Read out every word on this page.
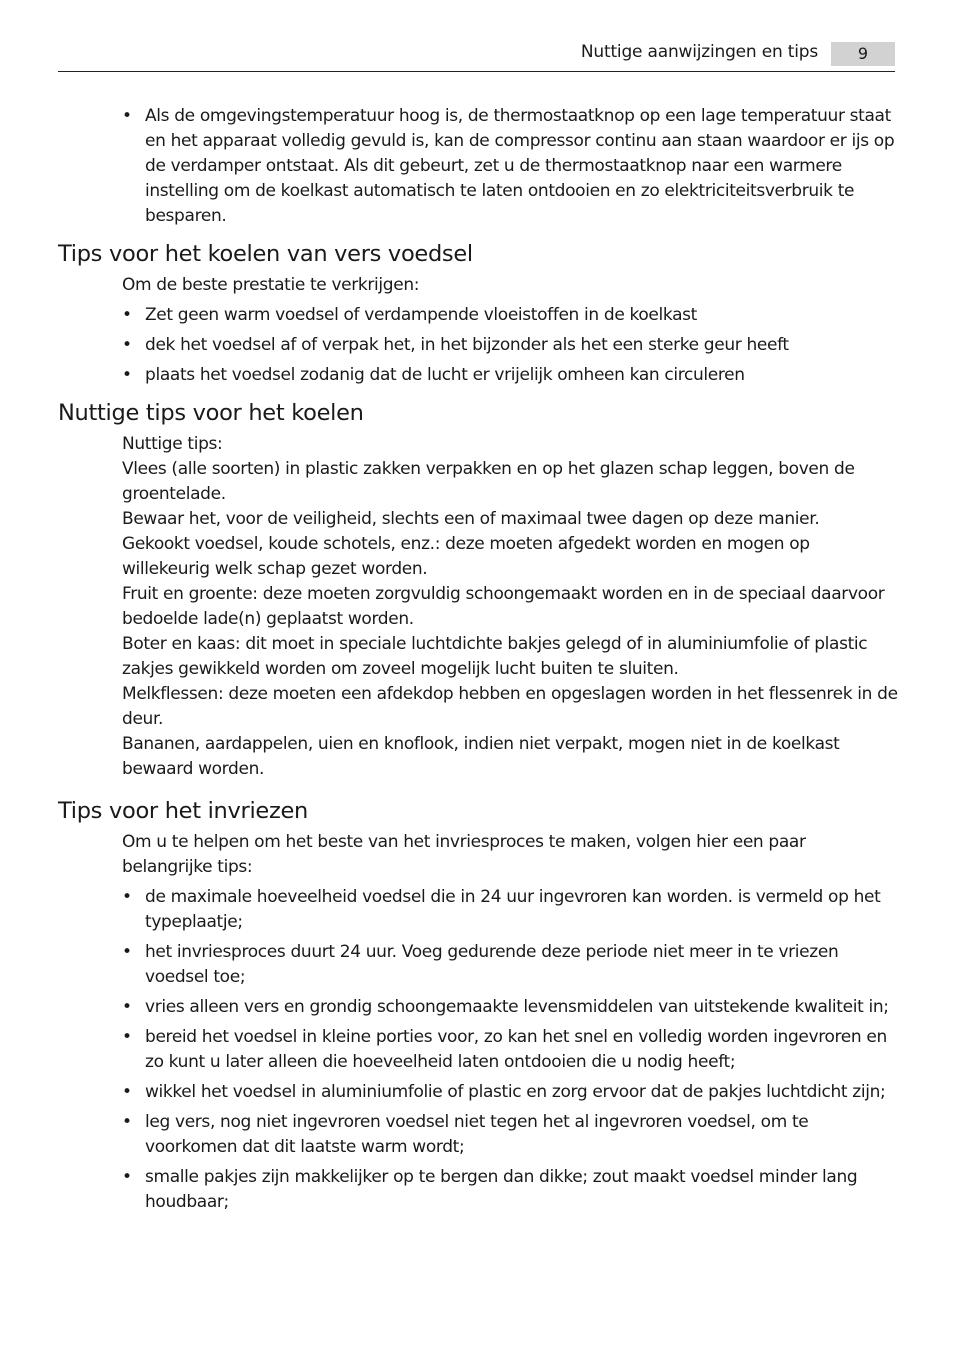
Nuttige aanwijzingen en tips	9
• Als de omgevingstemperatuur hoog is, de thermostaatknop op een lage temperatuur staat en het apparaat volledig gevuld is, kan de compressor continu aan staan waardoor er ijs op de verdamper ontstaat. Als dit gebeurt, zet u de thermostaatknop naar een warmere instelling om de koelkast automatisch te laten ontdooien en zo elektriciteitsverbruik te besparen.
Tips voor het koelen van vers voedsel
Om de beste prestatie te verkrijgen:
• Zet geen warm voedsel of verdampende vloeistoffen in de koelkast
• dek het voedsel af of verpak het, in het bijzonder als het een sterke geur heeft
• plaats het voedsel zodanig dat de lucht er vrijelijk omheen kan circuleren
Nuttige tips voor het koelen

Nuttige tips:

Vlees (alle soorten) in plastic zakken verpakken en op het glazen schap leggen, boven de groentelade.

Bewaar het, voor de veiligheid, slechts een of maximaal twee dagen op deze manier.

Gekookt voedsel, koude schotels, enz.: deze moeten afgedekt worden en mogen op willekeurig welk schap gezet worden.

Fruit en groente: deze moeten zorgvuldig schoongemaakt worden en in de speciaal daarvoor bedoelde lade(n) geplaatst worden.

Boter en kaas: dit moet in speciale luchtdichte bakjes gelegd of in aluminiumfolie of plastic zakjes gewikkeld worden om zoveel mogelijk lucht buiten te sluiten.

Melkflessen: deze moeten een afdekdop hebben en opgeslagen worden in het flessenrek in de deur.

Bananen, aardappelen, uien en knoflook, indien niet verpakt, mogen niet in de koelkast bewaard worden.

Tips voor het invriezen
Om u te helpen om het beste van het invriesproces te maken, volgen hier een paar belangrijke tips:
• de maximale hoeveelheid voedsel die in 24 uur ingevroren kan worden. is vermeld op het typeplaatje;
• het invriesproces duurt 24 uur. Voeg gedurende deze periode niet meer in te vriezen voedsel toe;
• vries alleen vers en grondig schoongemaakte levensmiddelen van uitstekende kwaliteit in;
• bereid het voedsel in kleine porties voor, zo kan het snel en volledig worden ingevroren en zo kunt u later alleen die hoeveelheid laten ontdooien die u nodig heeft;
• wikkel het voedsel in aluminiumfolie of plastic en zorg ervoor dat de pakjes luchtdicht zijn;
• leg vers, nog niet ingevroren voedsel niet tegen het al ingevroren voedsel, om te voorkomen dat dit laatste warm wordt;
• smalle pakjes zijn makkelijker op te bergen dan dikke; zout maakt voedsel minder lang houdbaar;
